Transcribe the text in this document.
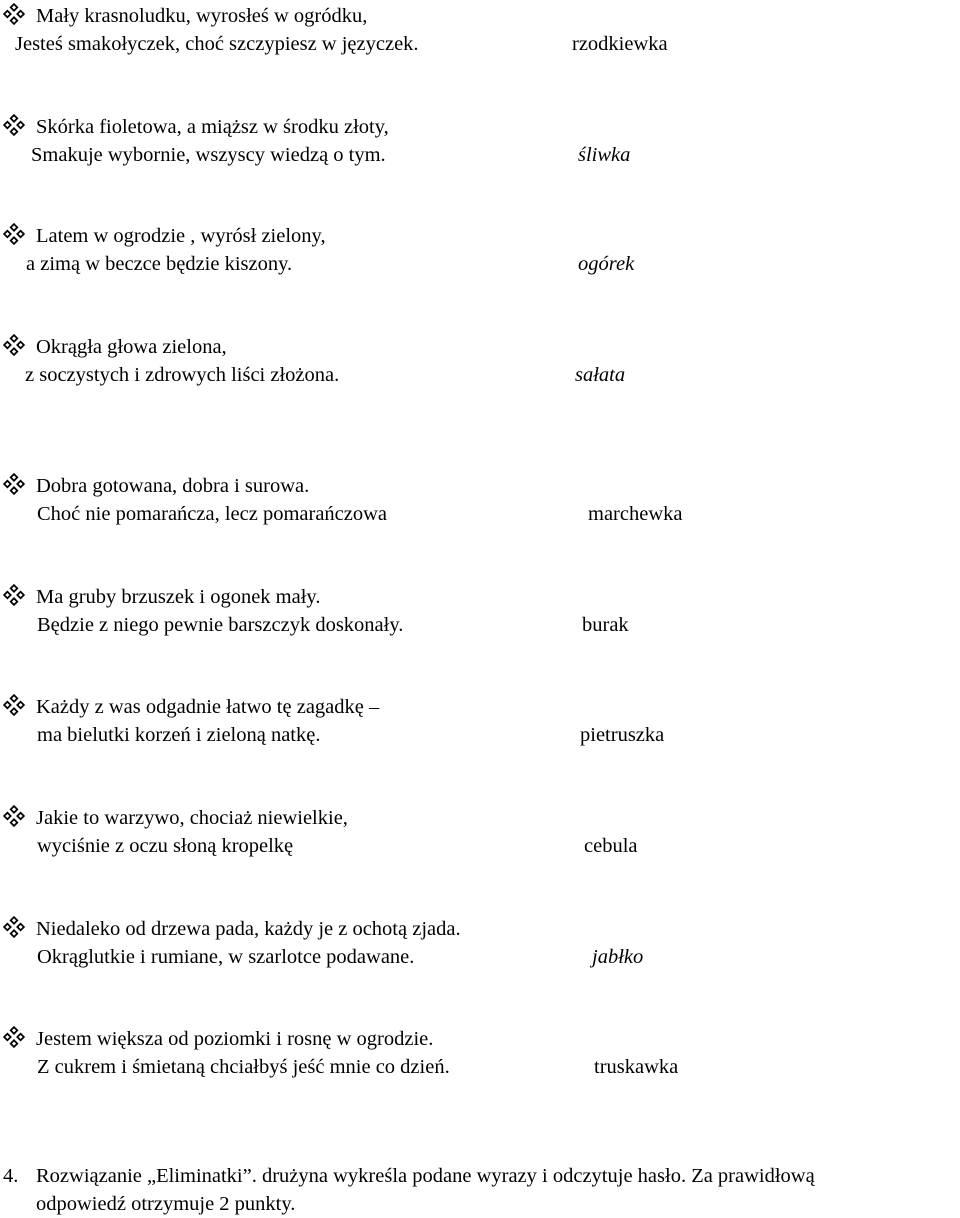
Mały krasnoludku, wyrosłeś w ogródku,
Jesteś smakołyczek, choć szczypiesz w języczek.	rzodkiewka
Skórka fioletowa, a miąższ w środku złoty,
Smakuje wybornie, wszyscy wiedzą o tym.	śliwka
Latem w ogrodzie , wyrósł zielony,
a zimą w beczce będzie kiszony.	ogórek
Okrągła głowa zielona,
z soczystych i zdrowych liści złożona.	sałata
Dobra gotowana, dobra i surowa.
Choć nie pomarańcza, lecz pomarańczowa	marchewka
Ma gruby brzuszek i ogonek mały.
Będzie z niego pewnie barszczyk doskonały.	burak
Każdy z was odgadnie łatwo tę zagadkę –
ma bielutki korzeń i zieloną natkę.	pietruszka
Jakie to warzywo, chociaż niewielkie,
wyciśnie z oczu słoną kropelkę	cebula
Niedaleko od drzewa pada, każdy je z ochotą zjada.
Okrąglutkie i rumiane, w szarlotce podawane.	jabłko
Jestem większa od poziomki i rosnę w ogrodzie.
Z cukrem i śmietaną chciałbyś jeść mnie co dzień.	truskawka
4. Rozwiązanie „Eliminatki”. drużyna wykreśla podane wyrazy i odczytuje hasło. Za prawidłową
odpowiedź otrzymuje 2 punkty.
